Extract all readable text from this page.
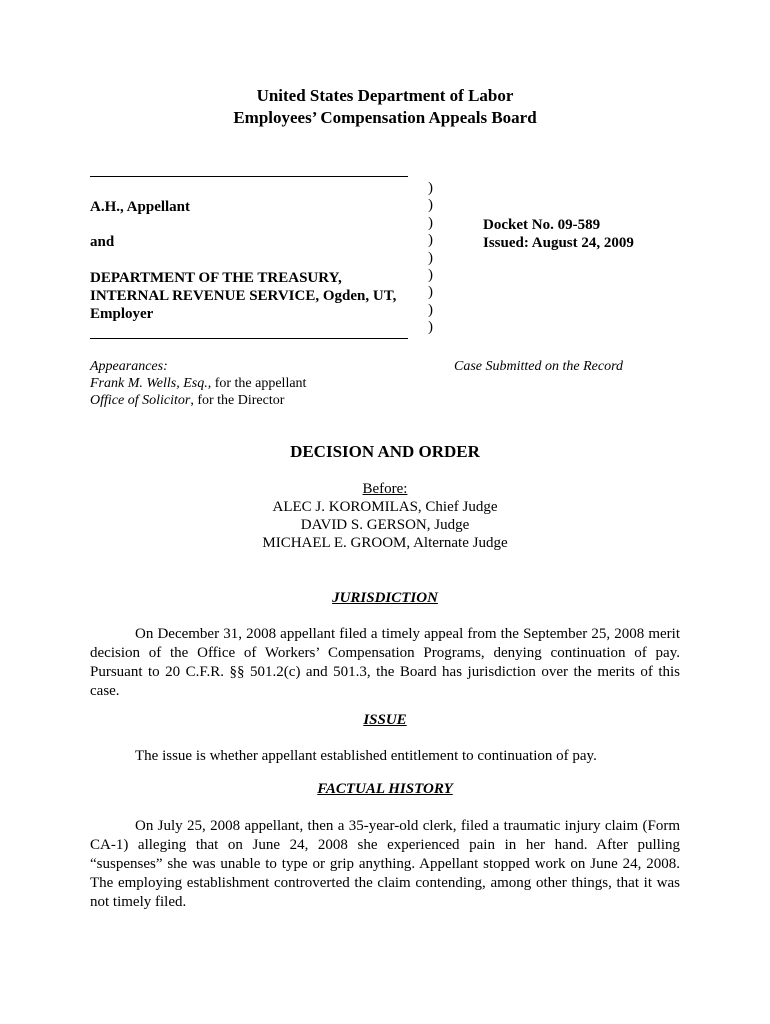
United States Department of Labor
Employees’ Compensation Appeals Board
A.H., Appellant
and
DEPARTMENT OF THE TREASURY,
INTERNAL REVENUE SERVICE, Ogden, UT,
Employer
)
)
)
)
)
)
)
)
)
Docket No. 09-589
Issued: August 24, 2009
Appearances:
Frank M. Wells, Esq., for the appellant
Office of Solicitor, for the Director
Case Submitted on the Record
DECISION AND ORDER
Before:
ALEC J. KOROMILAS, Chief Judge
DAVID S. GERSON, Judge
MICHAEL E. GROOM, Alternate Judge
JURISDICTION
On December 31, 2008 appellant filed a timely appeal from the September 25, 2008 merit
decision of the Office of Workers’ Compensation Programs, denying continuation of pay.
Pursuant to 20 C.F.R. §§ 501.2(c) and 501.3, the Board has jurisdiction over the merits of this
case.
ISSUE
The issue is whether appellant established entitlement to continuation of pay.
FACTUAL HISTORY
On July 25, 2008 appellant, then a 35-year-old clerk, filed a traumatic injury claim (Form
CA-1) alleging that on June 24, 2008 she experienced pain in her hand. After pulling
“suspenses” she was unable to type or grip anything. Appellant stopped work on June 24, 2008.
The employing establishment controverted the claim contending, among other things, that it was
not timely filed.
